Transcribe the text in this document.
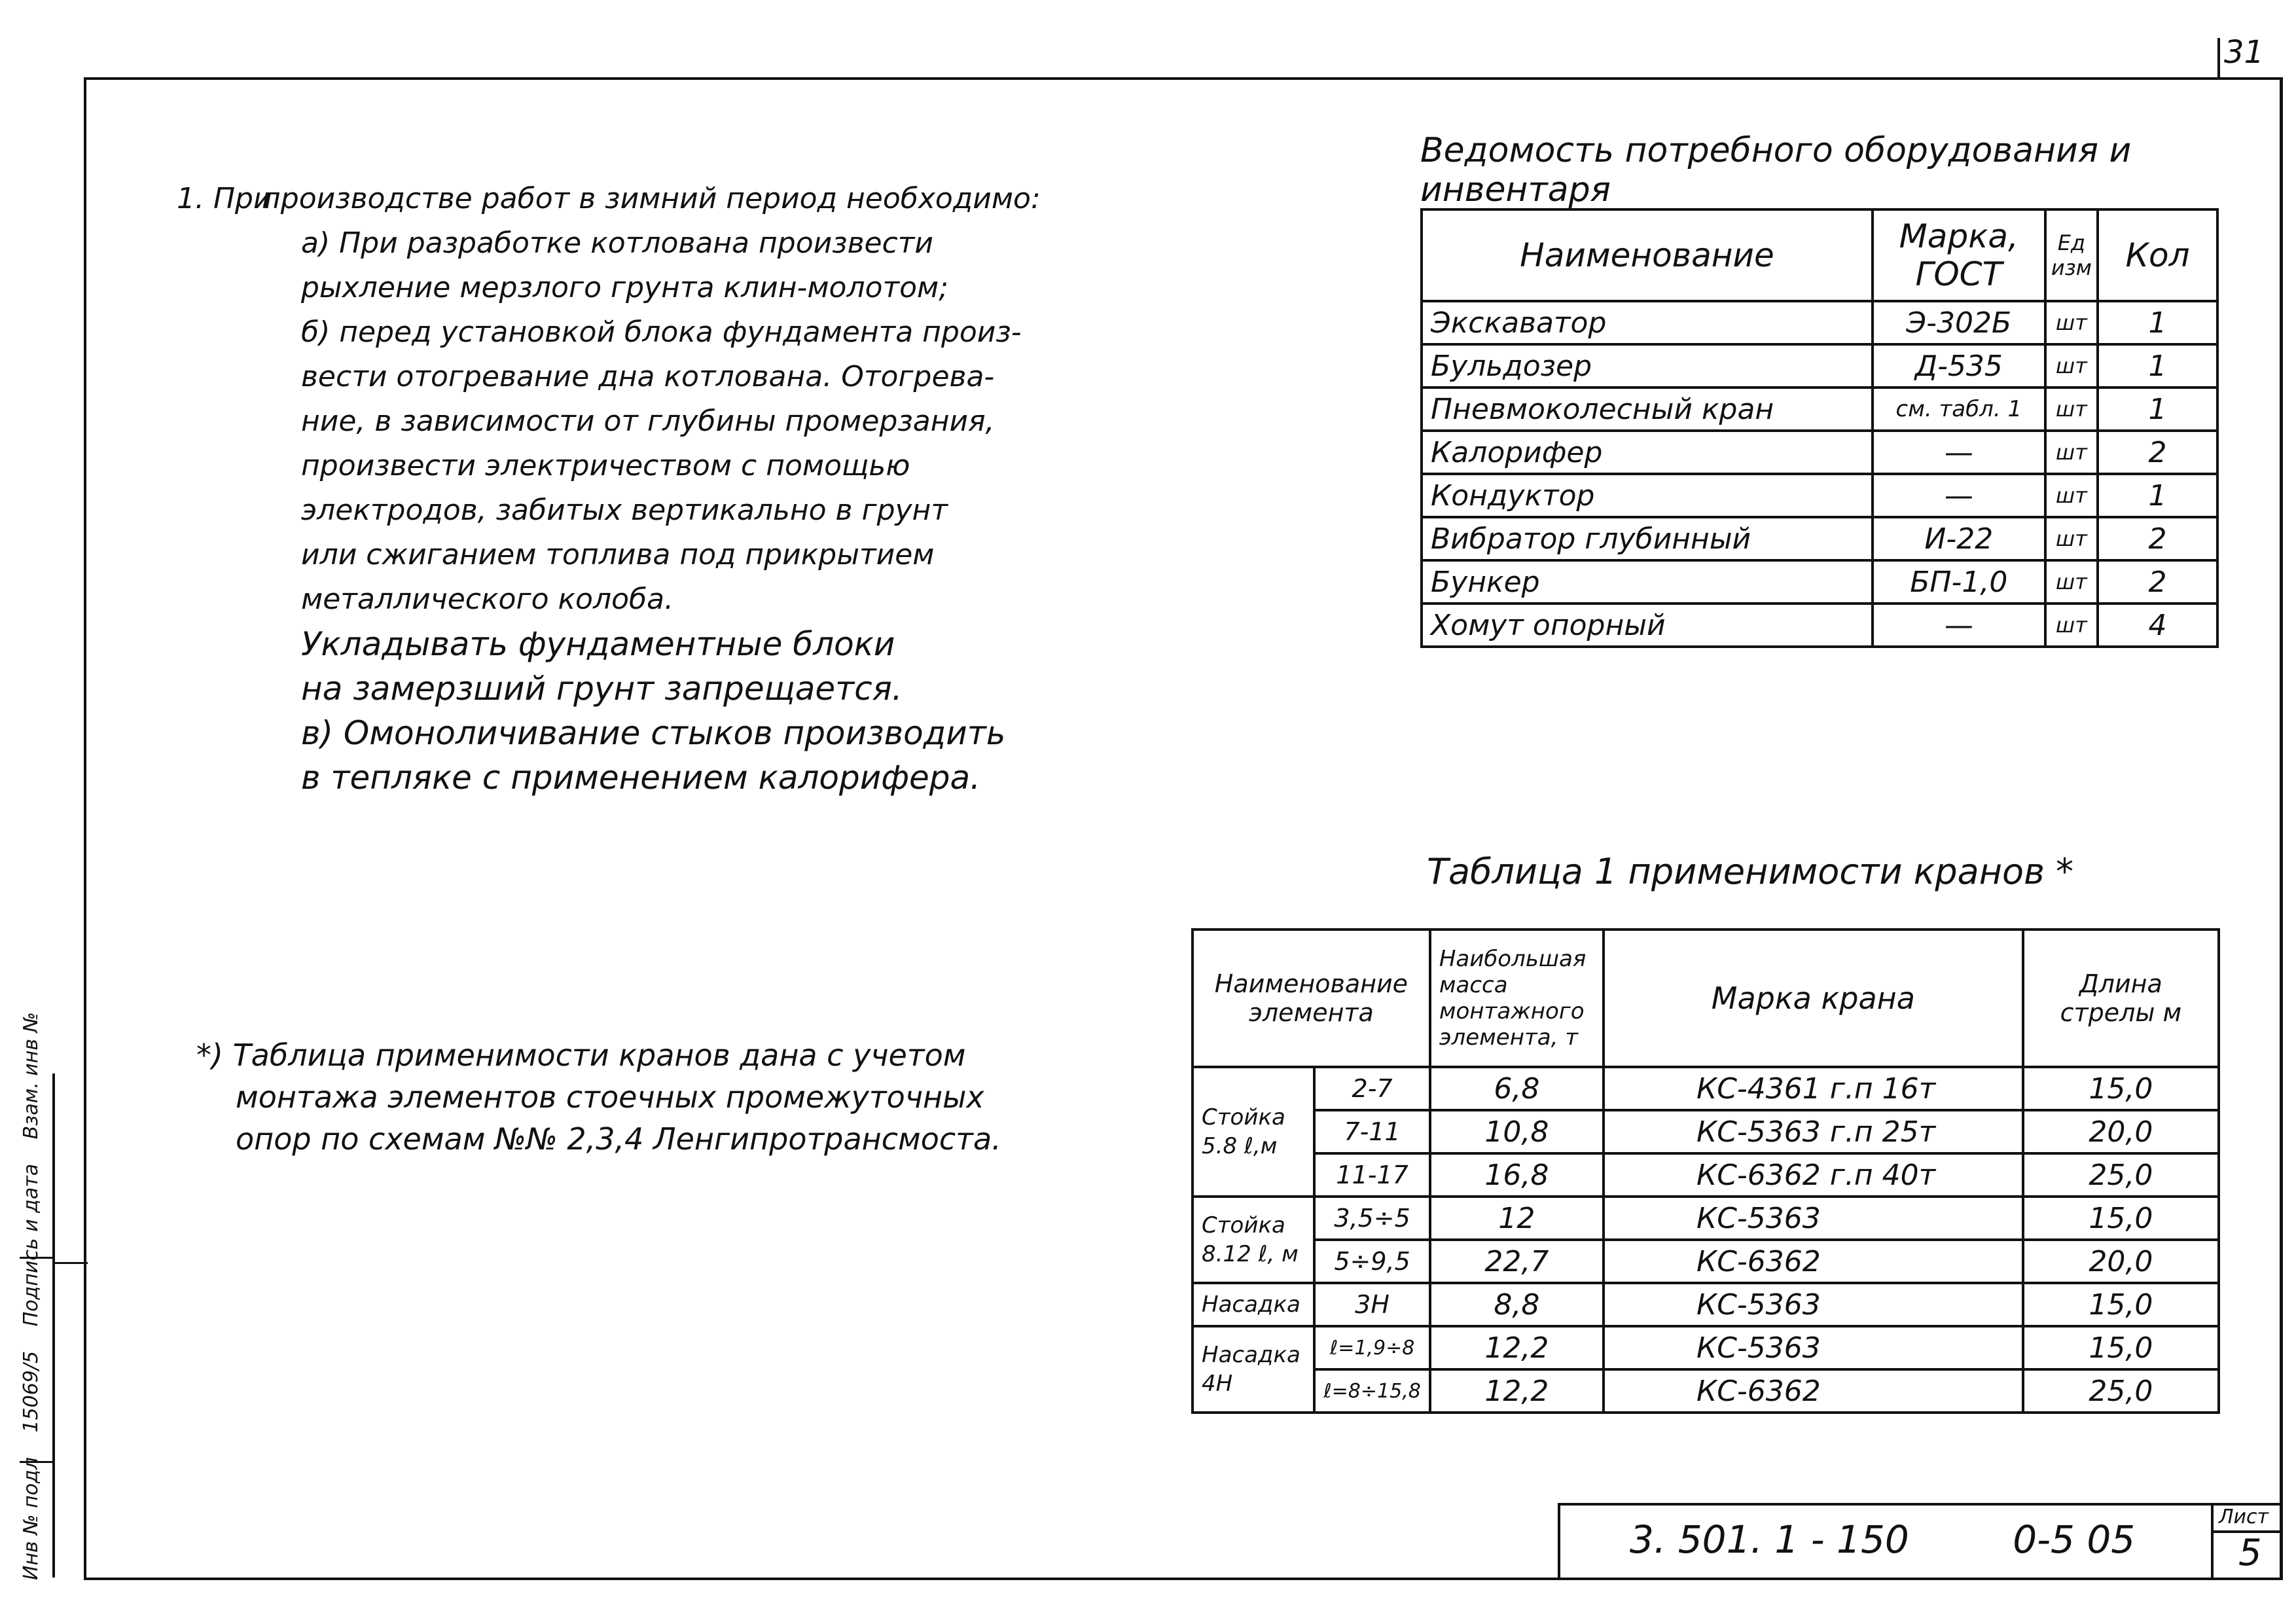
31
1. При
производстве работ в зимний период необходимо:
а) При разработке котлована произвести
рыхление мерзлого грунта клин-молотом;
б) перед установкой блока фундамента произ-
вести отогревание дна котлована. Отогрева-
ние, в зависимости от глубины промерзания,
произвести электричеством с помощью
электродов, забитых вертикально в грунт
или сжиганием топлива под прикрытием
металлического колоба.
Укладывать фундаментные блоки
на замерзший грунт запрещается.
в) Омоноличивание стыков производить
в тепляке с применением калорифера.
*) Таблица применимости кранов дана с учетом
монтажа элементов стоечных промежуточных
опор по схемам №№ 2,3,4 Ленгипротрансмоста.
Ведомость потребного оборудования и инвентаря
Наименование	Марка, ГОСТ	Ед изм	Кол
Экскаватор	Э-302Б	шт	1
Бульдозер	Д-535	шт	1
Пневмоколесный кран	см. табл. 1	шт	1
Калорифер	—	шт	2
Кондуктор	—	шт	1
Вибратор глубинный	И-22	шт	2
Бункер	БП-1,0	шт	2
Хомут опорный	—	шт	4
Таблица 1 применимости кранов *
Наименование элемента		Наибольшая масса монтажного элемента, т	Марка крана	Длина стрелы м
Стойка 5.8 ℓ,м	2-7	6,8	КС-4361 г.п 16т	15,0
	7-11	10,8	КС-5363 г.п 25т	20,0
	11-17	16,8	КС-6362 г.п 40т	25,0
Стойка 8.12 ℓ, м	3,5÷5	12	КС-5363	15,0
	5÷9,5	22,7	КС-6362	20,0
Насадка	3Н	8,8	КС-5363	15,0
Насадка 4Н	ℓ=1,9÷8	12,2	КС-5363	15,0
	ℓ=8÷15,8	12,2	КС-6362	25,0
3. 501. 1 - 150	0-5 05
Лист
5
Инв № подл 15069/5 Подпись и дата Взам. инв №
